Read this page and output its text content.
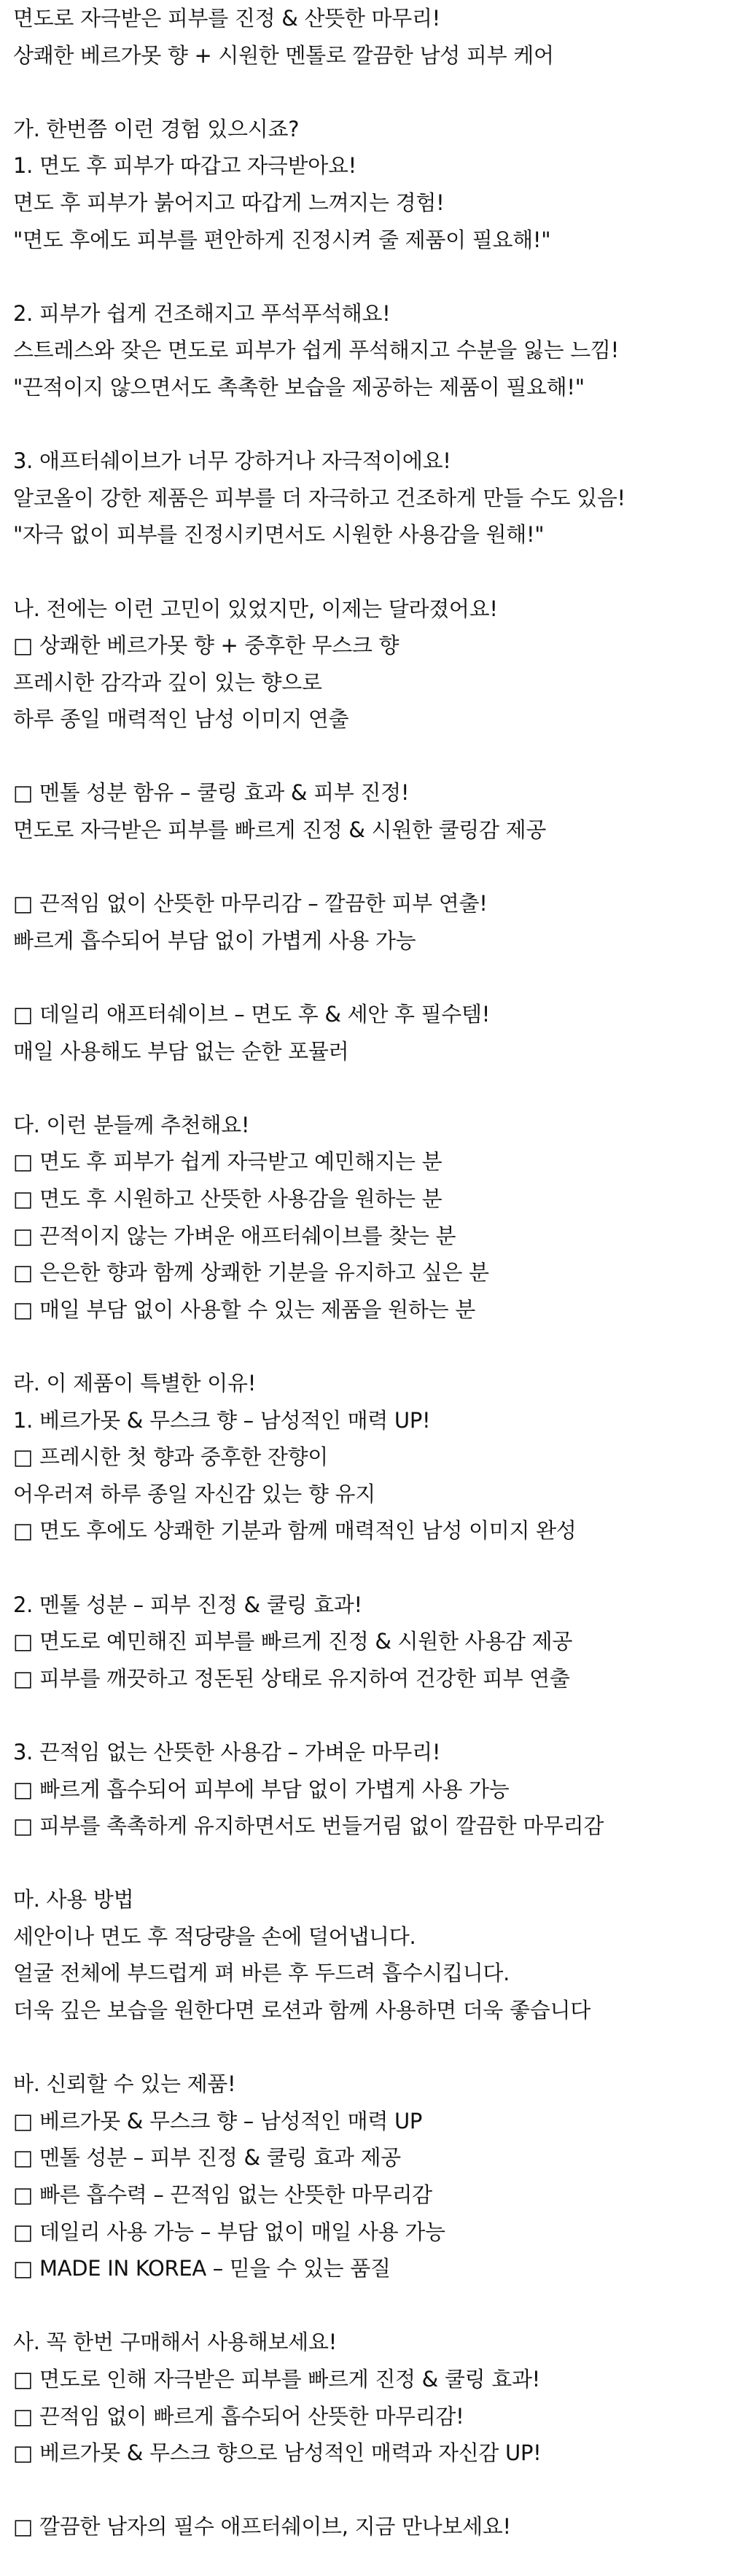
면도로 자극받은 피부를 진정 & 산뜻한 마무리!
상쾌한 베르가못 향 + 시원한 멘톨로 깔끔한 남성 피부 케어
가. 한번쯤 이런 경험 있으시죠?
1. 면도 후 피부가 따갑고 자극받아요!
면도 후 피부가 붉어지고 따갑게 느껴지는 경험!
"면도 후에도 피부를 편안하게 진정시켜 줄 제품이 필요해!"
2. 피부가 쉽게 건조해지고 푸석푸석해요!
스트레스와 잦은 면도로 피부가 쉽게 푸석해지고 수분을 잃는 느낌!
"끈적이지 않으면서도 촉촉한 보습을 제공하는 제품이 필요해!"
3. 애프터쉐이브가 너무 강하거나 자극적이에요!
알코올이 강한 제품은 피부를 더 자극하고 건조하게 만들 수도 있음!
"자극 없이 피부를 진정시키면서도 시원한 사용감을 원해!"
나. 전에는 이런 고민이 있었지만, 이제는 달라졌어요!
□ 상쾌한 베르가못 향 + 중후한 무스크 향
프레시한 감각과 깊이 있는 향으로
하루 종일 매력적인 남성 이미지 연출
□ 멘톨 성분 함유 – 쿨링 효과 & 피부 진정!
면도로 자극받은 피부를 빠르게 진정 & 시원한 쿨링감 제공
□ 끈적임 없이 산뜻한 마무리감 – 깔끔한 피부 연출!
빠르게 흡수되어 부담 없이 가볍게 사용 가능
□ 데일리 애프터쉐이브 – 면도 후 & 세안 후 필수템!
매일 사용해도 부담 없는 순한 포뮬러
다. 이런 분들께 추천해요!
□ 면도 후 피부가 쉽게 자극받고 예민해지는 분
□ 면도 후 시원하고 산뜻한 사용감을 원하는 분
□ 끈적이지 않는 가벼운 애프터쉐이브를 찾는 분
□ 은은한 향과 함께 상쾌한 기분을 유지하고 싶은 분
□ 매일 부담 없이 사용할 수 있는 제품을 원하는 분
라. 이 제품이 특별한 이유!
1. 베르가못 & 무스크 향 – 남성적인 매력 UP!
□ 프레시한 첫 향과 중후한 잔향이
어우러져 하루 종일 자신감 있는 향 유지
□ 면도 후에도 상쾌한 기분과 함께 매력적인 남성 이미지 완성
2. 멘톨 성분 – 피부 진정 & 쿨링 효과!
□ 면도로 예민해진 피부를 빠르게 진정 & 시원한 사용감 제공
□ 피부를 깨끗하고 정돈된 상태로 유지하여 건강한 피부 연출
3. 끈적임 없는 산뜻한 사용감 – 가벼운 마무리!
□ 빠르게 흡수되어 피부에 부담 없이 가볍게 사용 가능
□ 피부를 촉촉하게 유지하면서도 번들거림 없이 깔끔한 마무리감
마. 사용 방법
세안이나 면도 후 적당량을 손에 덜어냅니다.
얼굴 전체에 부드럽게 펴 바른 후 두드려 흡수시킵니다.
더욱 깊은 보습을 원한다면 로션과 함께 사용하면 더욱 좋습니다
바. 신뢰할 수 있는 제품!
□ 베르가못 & 무스크 향 – 남성적인 매력 UP
□ 멘톨 성분 – 피부 진정 & 쿨링 효과 제공
□ 빠른 흡수력 – 끈적임 없는 산뜻한 마무리감
□ 데일리 사용 가능 – 부담 없이 매일 사용 가능
□ MADE IN KOREA – 믿을 수 있는 품질
사. 꼭 한번 구매해서 사용해보세요!
□ 면도로 인해 자극받은 피부를 빠르게 진정 & 쿨링 효과!
□ 끈적임 없이 빠르게 흡수되어 산뜻한 마무리감!
□ 베르가못 & 무스크 향으로 남성적인 매력과 자신감 UP!
□ 깔끔한 남자의 필수 애프터쉐이브, 지금 만나보세요!
